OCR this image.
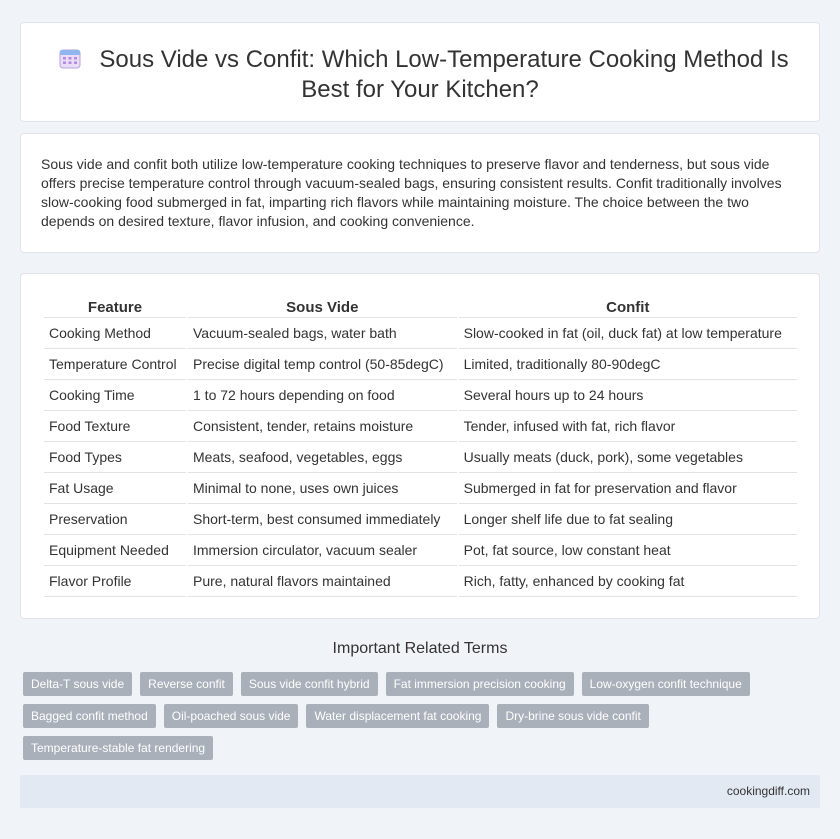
Sous Vide vs Confit: Which Low-Temperature Cooking Method Is
Best for Your Kitchen?

Sous vide and confit both utilize low-temperature cooking techniques to preserve flavor and tenderness, but sous vide offers precise temperature control through vacuum-sealed bags, ensuring consistent results. Confit traditionally involves slow-cooking food submerged in fat, imparting rich flavors while maintaining moisture. The choice between the two depends on desired texture, flavor infusion, and cooking convenience.

Feature	Sous Vide	Confit
Cooking Method	Vacuum-sealed bags, water bath	Slow-cooked in fat (oil, duck fat) at low temperature
Temperature Control	Precise digital temp control (50-85degC)	Limited, traditionally 80-90degC
Cooking Time	1 to 72 hours depending on food	Several hours up to 24 hours
Food Texture	Consistent, tender, retains moisture	Tender, infused with fat, rich flavor
Food Types	Meats, seafood, vegetables, eggs	Usually meats (duck, pork), some vegetables
Fat Usage	Minimal to none, uses own juices	Submerged in fat for preservation and flavor
Preservation	Short-term, best consumed immediately	Longer shelf life due to fat sealing
Equipment Needed	Immersion circulator, vacuum sealer	Pot, fat source, low constant heat
Flavor Profile	Pure, natural flavors maintained	Rich, fatty, enhanced by cooking fat
Important Related Terms
Delta-T sous vide	Reverse confit	Sous vide confit hybrid	Fat immersion precision cooking	Low-oxygen confit technique
Bagged confit method	Oil-poached sous vide	Water displacement fat cooking	Dry-brine sous vide confit
Temperature-stable fat rendering
cookingdiff.com
